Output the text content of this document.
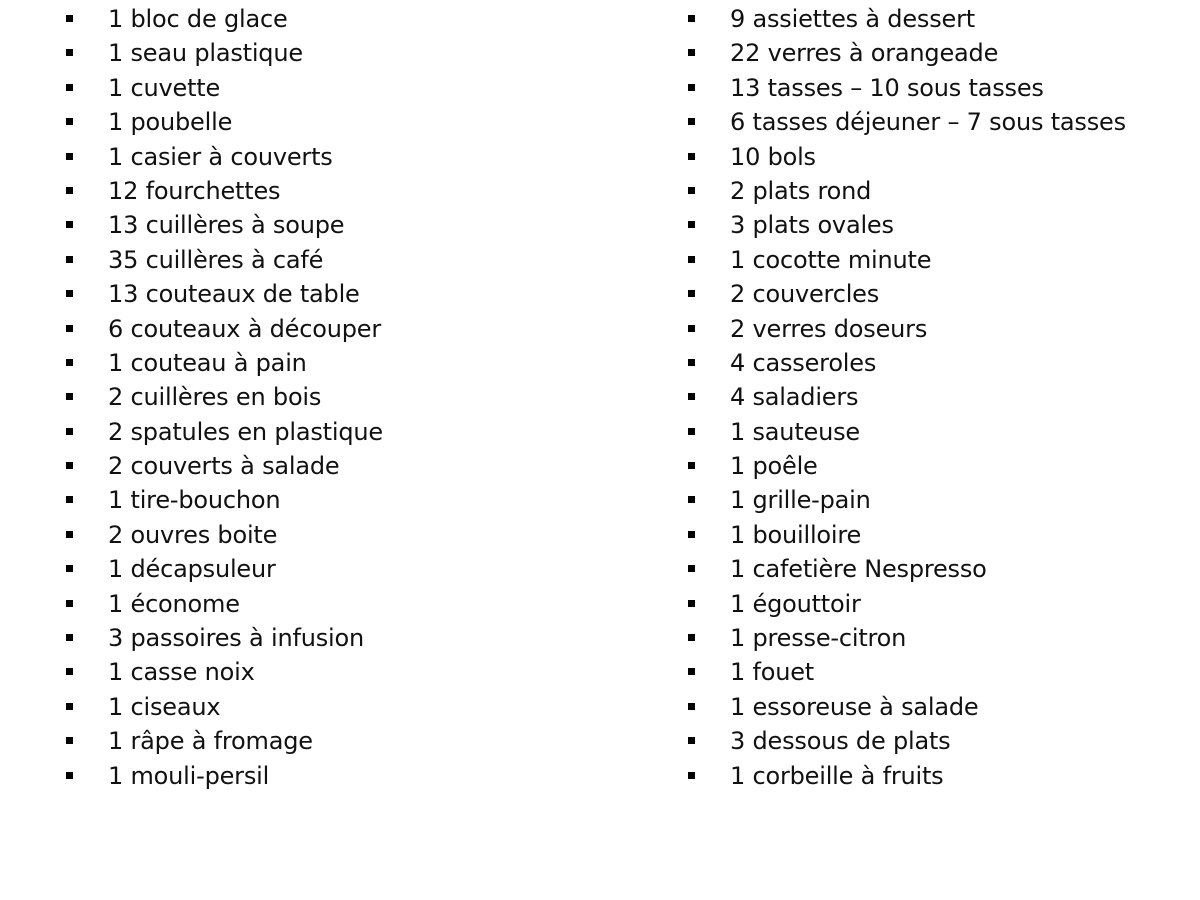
1 bloc de glace
1 seau plastique
1 cuvette
1 poubelle
1 casier à couverts
12 fourchettes
13 cuillères à soupe
35 cuillères à café
13 couteaux de table
6 couteaux à découper
1 couteau à pain
2 cuillères en bois
2 spatules en plastique
2 couverts à salade
1 tire-bouchon
2 ouvres boite
1 décapsuleur
1 économe
3 passoires à infusion
1 casse noix
1 ciseaux
1 râpe à fromage
1 mouli-persil
9 assiettes à dessert
22 verres à orangeade
13 tasses – 10 sous tasses
6 tasses déjeuner – 7 sous tasses
10 bols
2 plats rond
3 plats ovales
1 cocotte minute
2 couvercles
2 verres doseurs
4 casseroles
4 saladiers
1 sauteuse
1 poêle
1 grille-pain
1 bouilloire
1 cafetière Nespresso
1 égouttoir
1 presse-citron
1 fouet
1 essoreuse à salade
3 dessous de plats
1 corbeille à fruits
